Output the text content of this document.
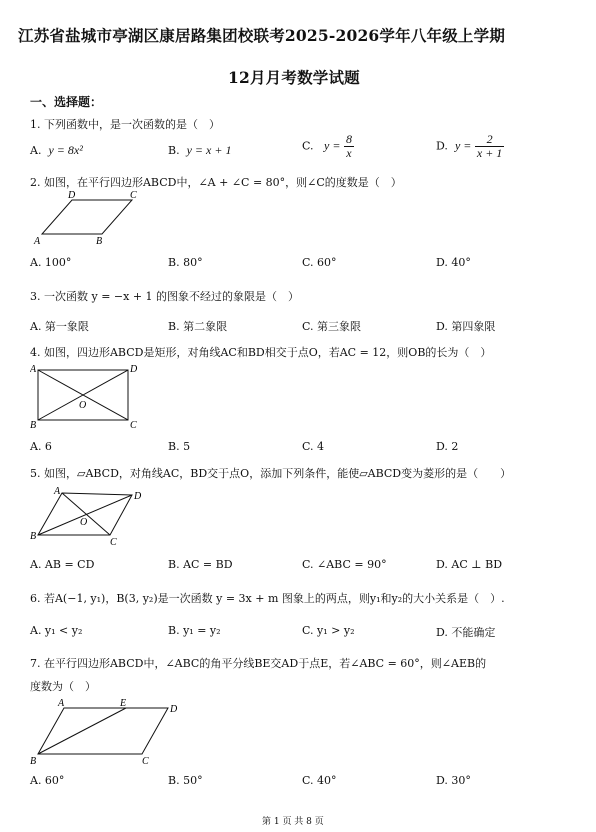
江苏省盐城市亭湖区康居路集团校联考2025-2026学年八年级上学期
12月月考数学试题
一、选择题：
1. 下列函数中，是一次函数的是（　）
A. y = 8x²	B. y = x + 1	C. $y = \frac{8}{x}$	D. $y = \frac{2}{x + 1}$
2. 如图，在平行四边形ABCD中，∠A + ∠C = 80°，则∠C的度数是（　）
D	C
A	B
A. 100°	B. 80°	C. 60°	D. 40°
3. 一次函数 y = −x + 1 的图象不经过的象限是（　）
A. 第一象限	B. 第二象限	C. 第三象限	D. 第四象限
4. 如图，四边形ABCD是矩形，对角线AC和BD相交于点O，若AC = 12，则OB的长为（　）
A	D
O
B	C
A. 6	B. 5	C. 4	D. 2
5. 如图，▱ABCD，对角线AC，BD交于点O，添加下列条件，能使▱ABCD变为菱形的是（　　）
A	D
O
B
C
A. AB = CD	B. AC = BD	C. ∠ABC = 90°	D. AC ⊥ BD
6. 若A(−1, y₁)，B(3, y₂)是一次函数 y = 3x + m 图象上的两点，则y₁和y₂的大小关系是（　）.
A. y₁ < y₂	B. y₁ = y₂	C. y₁ > y₂	D. 不能确定
7. 在平行四边形ABCD中，∠ABC的角平分线BE交AD于点E，若∠ABC = 60°，则∠AEB的
度数为（　）
A	E
D
B	C
A. 60°	B. 50°	C. 40°	D. 30°
第 1 页 共 8 页
